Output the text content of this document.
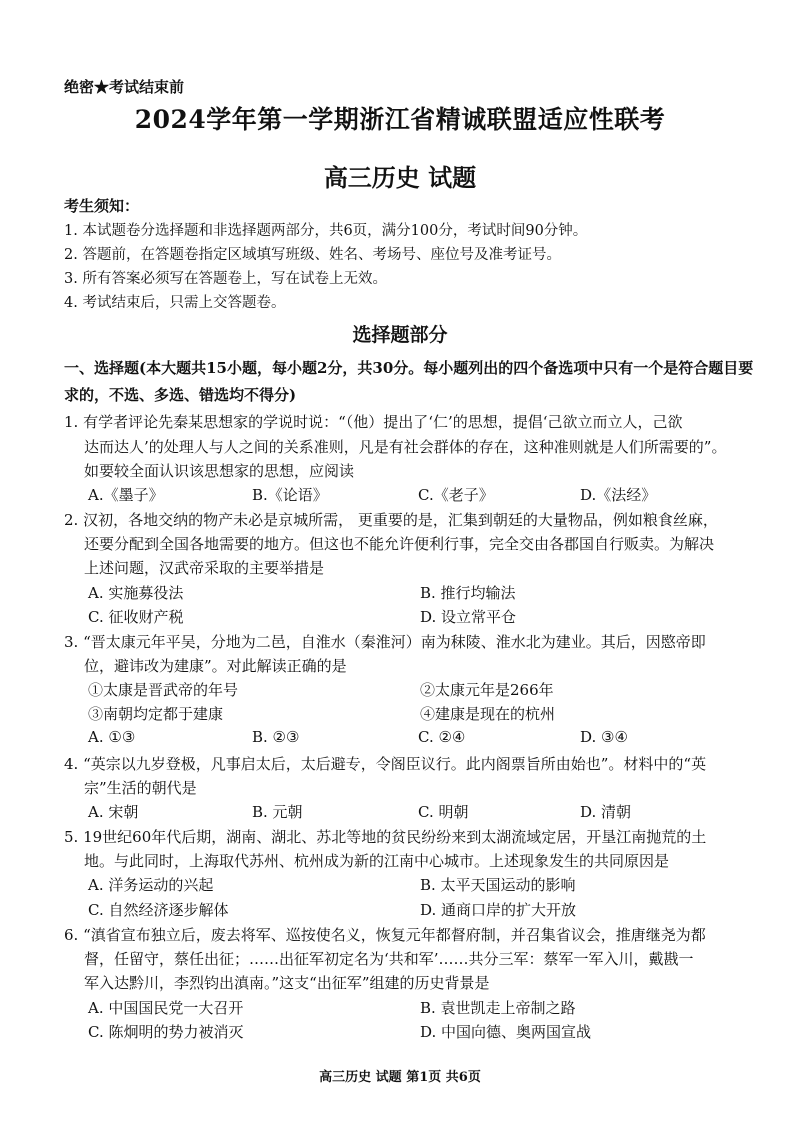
绝密★考试结束前
2024学年第一学期浙江省精诚联盟适应性联考
高三历史 试题
考生须知：
1. 本试题卷分选择题和非选择题两部分，共6页，满分100分，考试时间90分钟。
2. 答题前，在答题卷指定区域填写班级、姓名、考场号、座位号及准考证号。
3. 所有答案必须写在答题卷上，写在试卷上无效。
4. 考试结束后，只需上交答题卷。
选择题部分
一、选择题(本大题共15小题，每小题2分，共30分。每小题列出的四个备选项中只有一个是符合题目要求的，不选、多选、错选均不得分)
1. 有学者评论先秦某思想家的学说时说：“（他）提出了‘仁’的思想，提倡‘己欲立而立人，己欲
达而达人’的处理人与人之间的关系准则，凡是有社会群体的存在，这种准则就是人们所需要的”。
如要较全面认识该思想家的思想，应阅读
A.《墨子》	B.《论语》	C.《老子》	D.《法经》
2. 汉初，各地交纳的物产未必是京城所需， 更重要的是，汇集到朝廷的大量物品，例如粮食丝麻，
还要分配到全国各地需要的地方。但这也不能允许便利行事，完全交由各郡国自行贩卖。为解决
上述问题，汉武帝采取的主要举措是
A. 实施募役法	B. 推行均输法
C. 征收财产税	D. 设立常平仓
3. “晋太康元年平吴，分地为二邑，自淮水（秦淮河）南为秣陵、淮水北为建业。其后，因愍帝即
位，避讳改为建康”。对此解读正确的是
①太康是晋武帝的年号	②太康元年是266年
③南朝均定都于建康	④建康是现在的杭州
A. ①③	B. ②③	C. ②④	D. ③④
4. “英宗以九岁登极，凡事启太后，太后避专，令阁臣议行。此内阁票旨所由始也”。材料中的“英
宗”生活的朝代是
A. 宋朝	B. 元朝	C. 明朝	D. 清朝
5. 19世纪60年代后期，湖南、湖北、苏北等地的贫民纷纷来到太湖流域定居，开垦江南抛荒的土
地。与此同时，上海取代苏州、杭州成为新的江南中心城市。上述现象发生的共同原因是
A. 洋务运动的兴起	B. 太平天国运动的影响
C. 自然经济逐步解体	D. 通商口岸的扩大开放
6. “滇省宣布独立后，废去将军、巡按使名义，恢复元年都督府制，并召集省议会，推唐继尧为都
督，任留守，蔡任出征；……出征军初定名为‘共和军’……共分三军：蔡军一军入川，戴戡一
军入达黔川，李烈钧出滇南。”这支“出征军”组建的历史背景是
A. 中国国民党一大召开	B. 袁世凯走上帝制之路
C. 陈炯明的势力被消灭	D. 中国向德、奥两国宣战
高三历史 试题 第1页 共6页
